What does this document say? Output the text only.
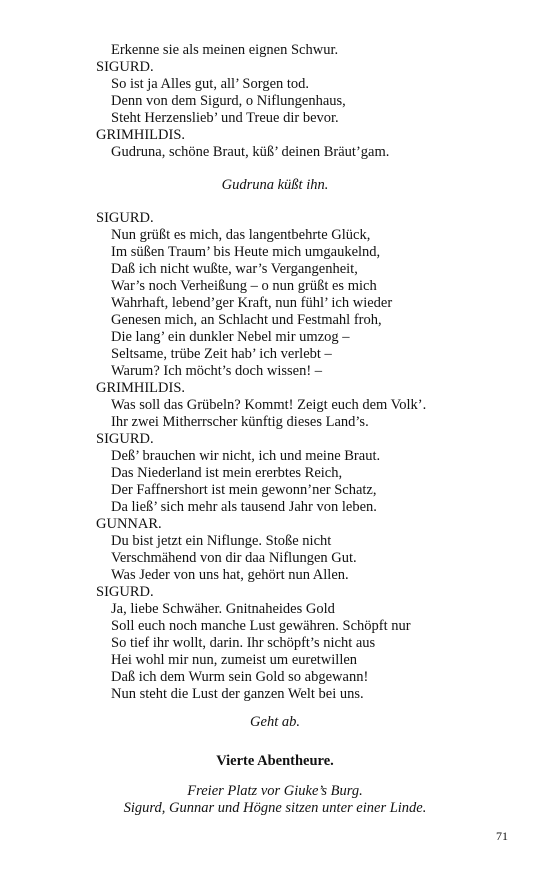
Erkenne sie als meinen eignen Schwur.
SIGURD.
So ist ja Alles gut, all’ Sorgen tod.
Denn von dem Sigurd, o Niflungenhaus,
Steht Herzenslieb’ und Treue dir bevor.
GRIMHILDIS.
Gudruna, schöne Braut, küß’ deinen Bräut’gam.
Gudruna küßt ihn.
SIGURD.
Nun grüßt es mich, das langentbehrte Glück,
Im süßen Traum’ bis Heute mich umgaukelnd,
Daß ich nicht wußte, war’s Vergangenheit,
War’s noch Verheißung – o nun grüßt es mich
Wahrhaft, lebend’ger Kraft, nun fühl’ ich wieder
Genesen mich, an Schlacht und Festmahl froh,
Die lang’ ein dunkler Nebel mir umzog –
Seltsame, trübe Zeit hab’ ich verlebt –
Warum? Ich möcht’s doch wissen! –
GRIMHILDIS.
Was soll das Grübeln? Kommt! Zeigt euch dem Volk’.
Ihr zwei Mitherrscher künftig dieses Land’s.
SIGURD.
Deß’ brauchen wir nicht, ich und meine Braut.
Das Niederland ist mein ererbtes Reich,
Der Faffnershort ist mein gewonn’ner Schatz,
Da ließ’ sich mehr als tausend Jahr von leben.
GUNNAR.
Du bist jetzt ein Niflunge. Stoße nicht
Verschmähend von dir daa Niflungen Gut.
Was Jeder von uns hat, gehört nun Allen.
SIGURD.
Ja, liebe Schwäher. Gnitnaheides Gold
Soll euch noch manche Lust gewähren. Schöpft nur
So tief ihr wollt, darin. Ihr schöpft’s nicht aus
Hei wohl mir nun, zumeist um euretwillen
Daß ich dem Wurm sein Gold so abgewann!
Nun steht die Lust der ganzen Welt bei uns.
Geht ab.
Vierte Abentheure.
Freier Platz vor Giuke’s Burg.
Sigurd, Gunnar und Högne sitzen unter einer Linde.
71
